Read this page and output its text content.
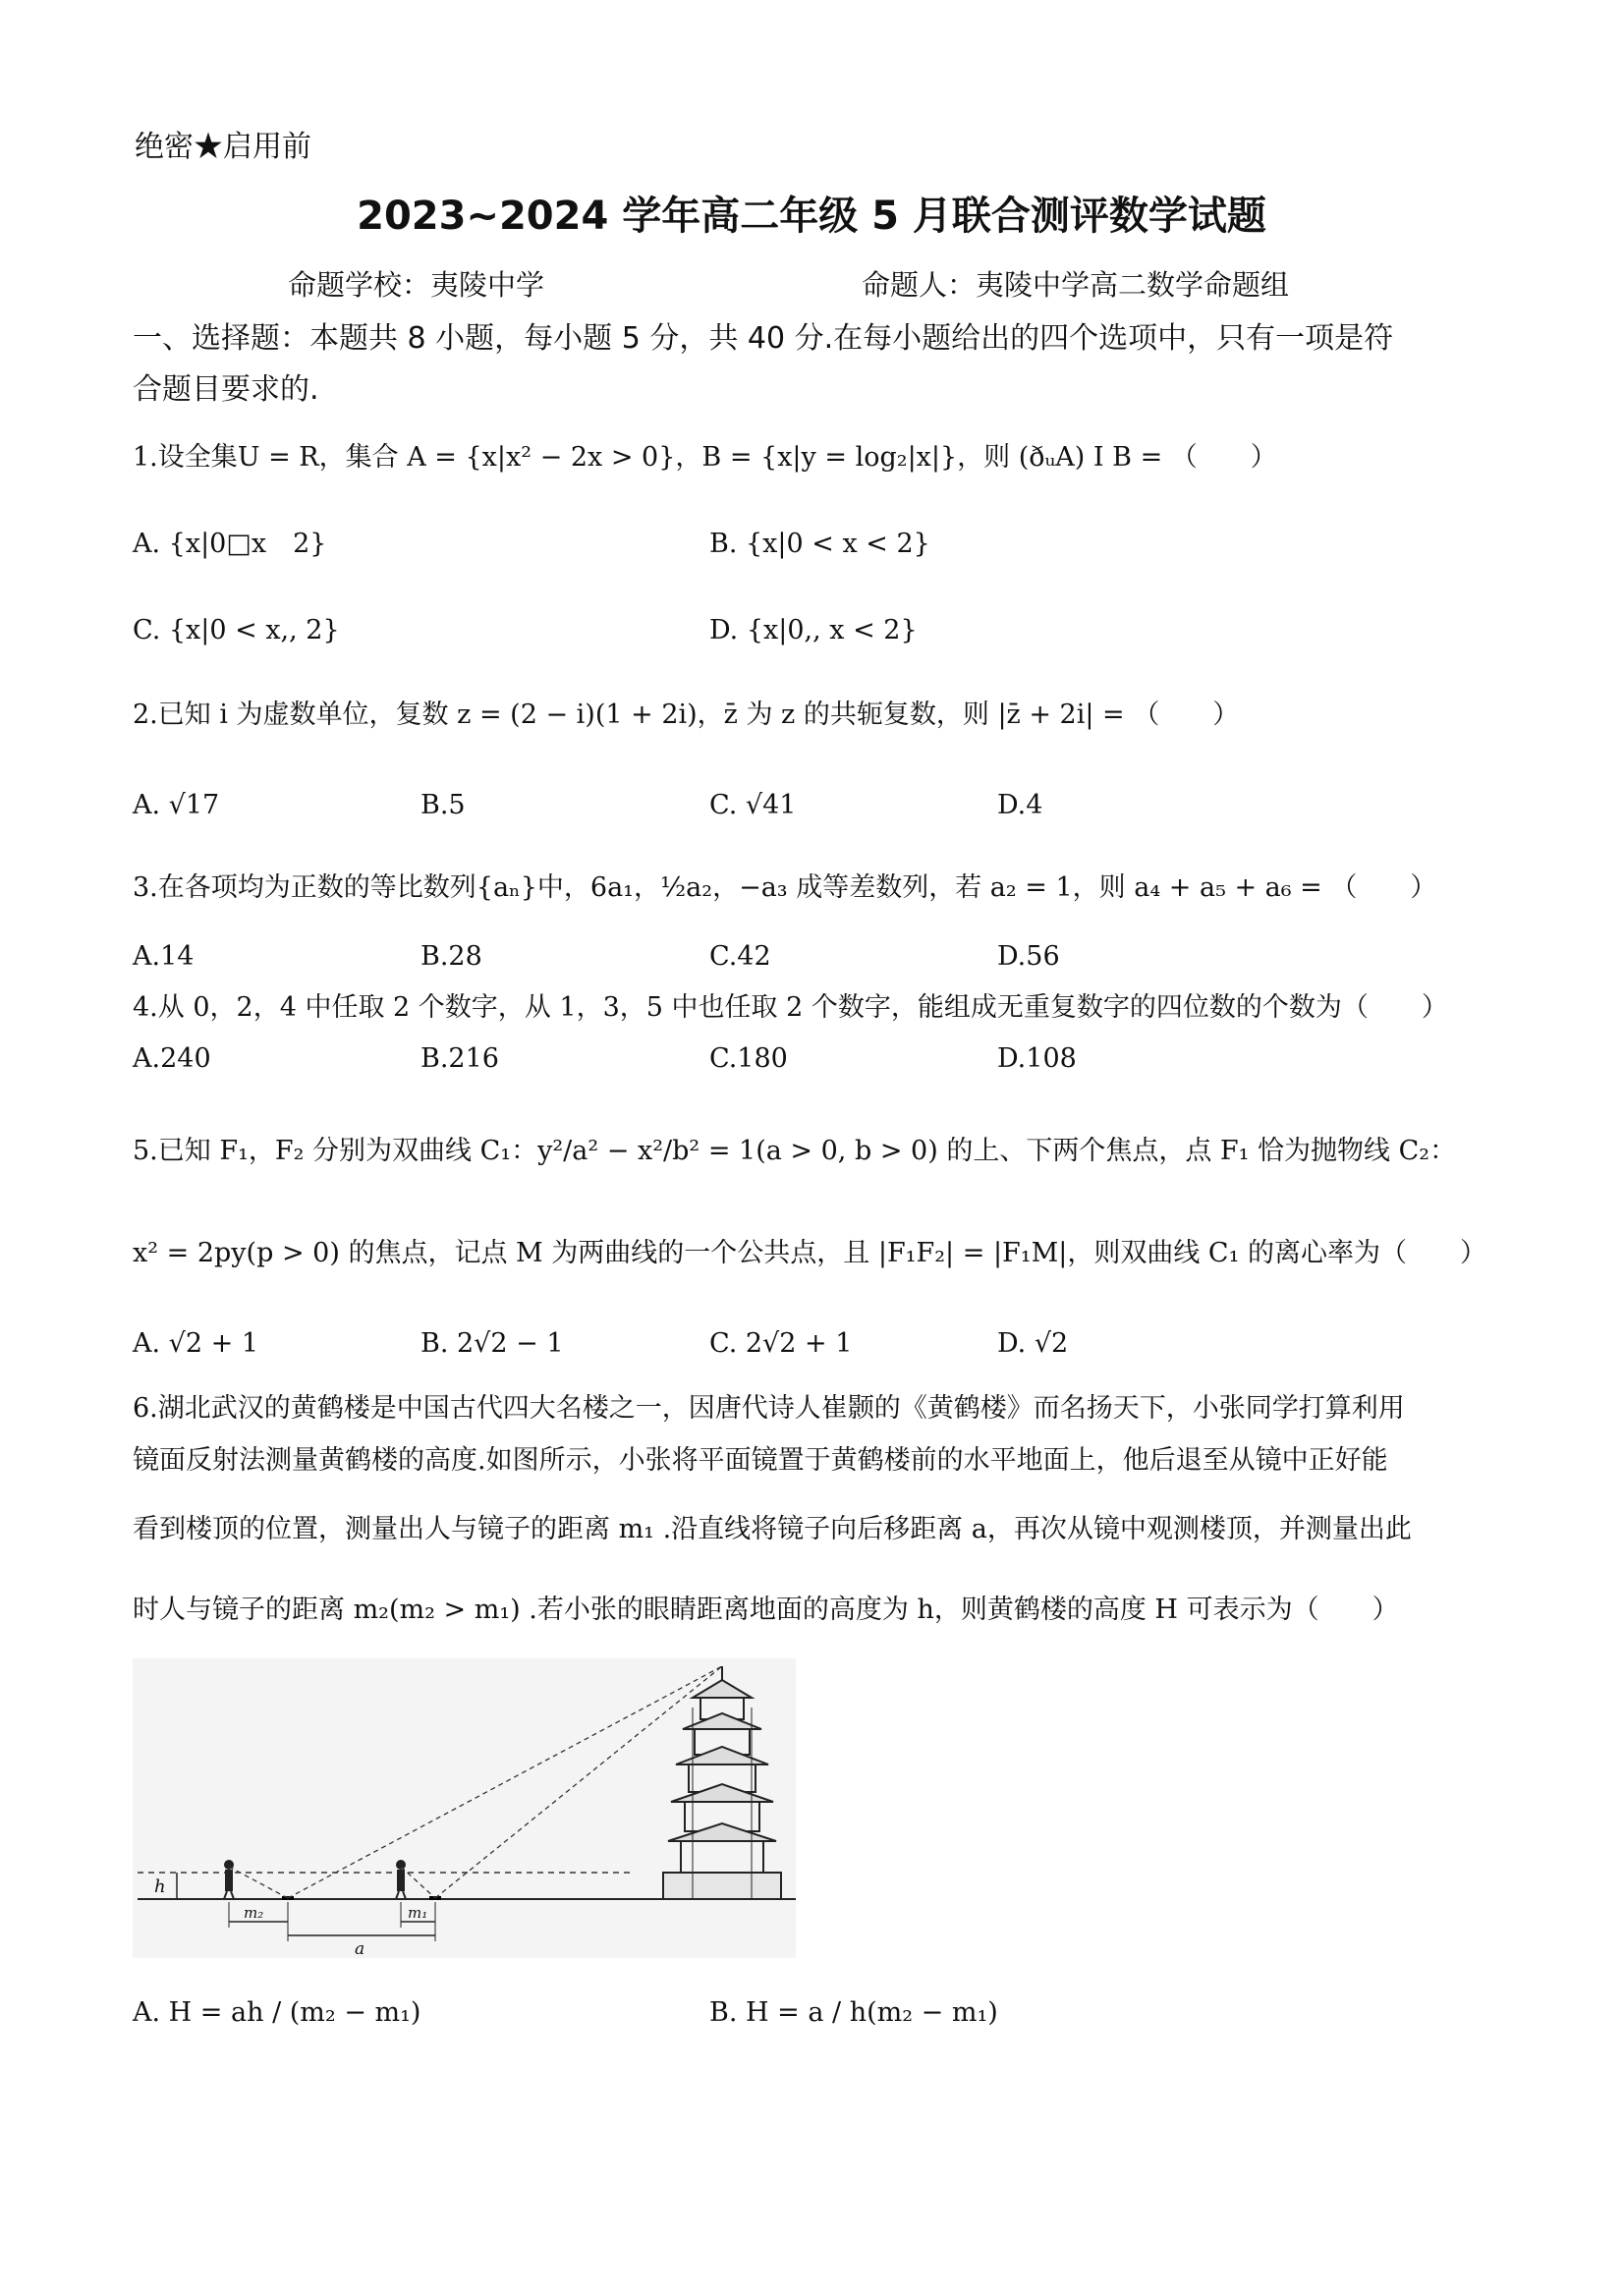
绝密★启用前
2023~2024 学年高二年级 5 月联合测评数学试题
命题学校：夷陵中学	命题人：夷陵中学高二数学命题组
一、选择题：本题共 8 小题，每小题 5 分，共 40 分.在每小题给出的四个选项中，只有一项是符
合题目要求的.
1.设全集U = R，集合 A = {x|x² − 2x > 0}，B = {x|y = log₂|x|}，则 (ðᵤA) I B = （　　）
A. {x|0□x　2}	B. {x|0 < x < 2}
C. {x|0 < x,, 2}	D. {x|0,, x < 2}
2.已知 i 为虚数单位，复数 z = (2 − i)(1 + 2i)，z̄ 为 z 的共轭复数，则 |z̄ + 2i| = （　　）
A. √17	B.5	C. √41	D.4
3.在各项均为正数的等比数列{aₙ}中，6a₁，½a₂，−a₃ 成等差数列，若 a₂ = 1，则 a₄ + a₅ + a₆ = （　　）
A.14	B.28	C.42	D.56
4.从 0，2，4 中任取 2 个数字，从 1，3，5 中也任取 2 个数字，能组成无重复数字的四位数的个数为（　　）
A.240	B.216	C.180	D.108
5.已知 F₁，F₂ 分别为双曲线 C₁：y²/a² − x²/b² = 1(a > 0, b > 0) 的上、下两个焦点，点 F₁ 恰为抛物线 C₂：
x² = 2py(p > 0) 的焦点，记点 M 为两曲线的一个公共点，且 |F₁F₂| = |F₁M|，则双曲线 C₁ 的离心率为（　　）
A. √2 + 1	B. 2√2 − 1	C. 2√2 + 1	D. √2
6.湖北武汉的黄鹤楼是中国古代四大名楼之一，因唐代诗人崔颢的《黄鹤楼》而名扬天下，小张同学打算利用
镜面反射法测量黄鹤楼的高度.如图所示，小张将平面镜置于黄鹤楼前的水平地面上，他后退至从镜中正好能
看到楼顶的位置，测量出人与镜子的距离 m₁ .沿直线将镜子向后移距离 a，再次从镜中观测楼顶，并测量出此
时人与镜子的距离 m₂(m₂ > m₁) .若小张的眼睛距离地面的高度为 h，则黄鹤楼的高度 H 可表示为（　　）
h
m₂	m₁
a
A. H = ah / (m₂ − m₁)	B. H = a / h(m₂ − m₁)
